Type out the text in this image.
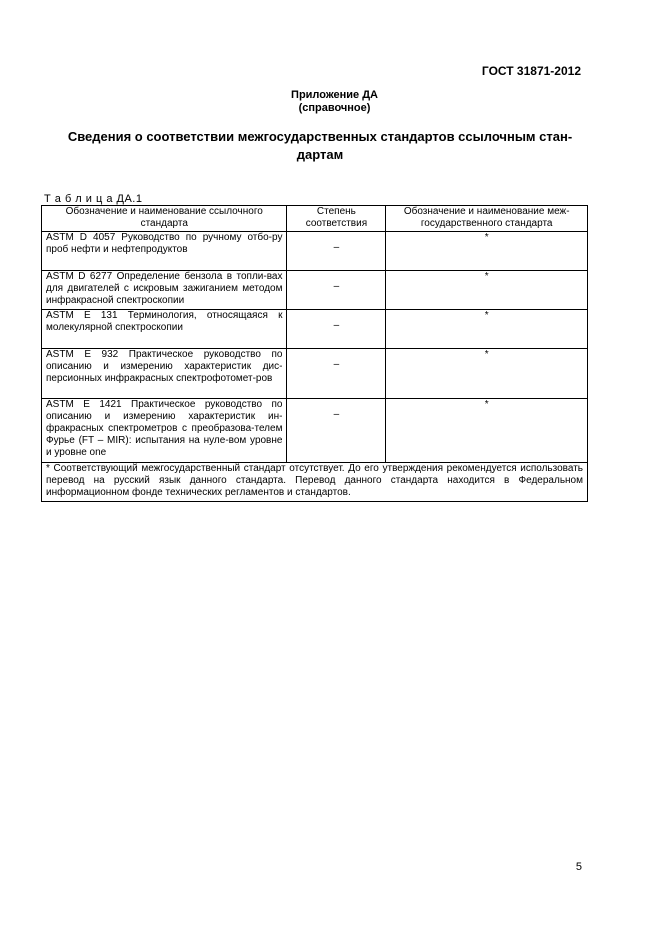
ГОСТ 31871-2012
Приложение ДА
(справочное)
Сведения о соответствии межгосударственных стандартов ссылочным стан-дартам
Т а б л и ц а ДА.1
Обозначение и наименование ссылочного стандарта	Степень соответствия	Обозначение и наименование меж-государственного стандарта
ASTM D 4057 Руководство по ручному отбо-ру проб нефти и нефтепродуктов	–	*
ASTM D 6277 Определение бензола в топли-вах для двигателей с искровым зажиганием методом инфракрасной спектроскопии	–	*
ASTM E 131 Терминология, относящаяся к молекулярной спектроскопии	–	*
ASTM E 932 Практическое руководство по описанию и измерению характеристик дис-персионных инфракрасных спектрофотомет-ров	–	*
ASTM E 1421 Практическое руководство по описанию и измерению характеристик ин-фракрасных спектрометров с преобразова-телем Фурье (FT – MIR): испытания на нуле-вом уровне и уровне one	–	*
* Соответствующий межгосударственный стандарт отсутствует. До его утверждения рекомендуется использовать перевод на русский язык данного стандарта. Перевод данного стандарта находится в Федеральном информационном фонде технических регламентов и стандартов.		
5
